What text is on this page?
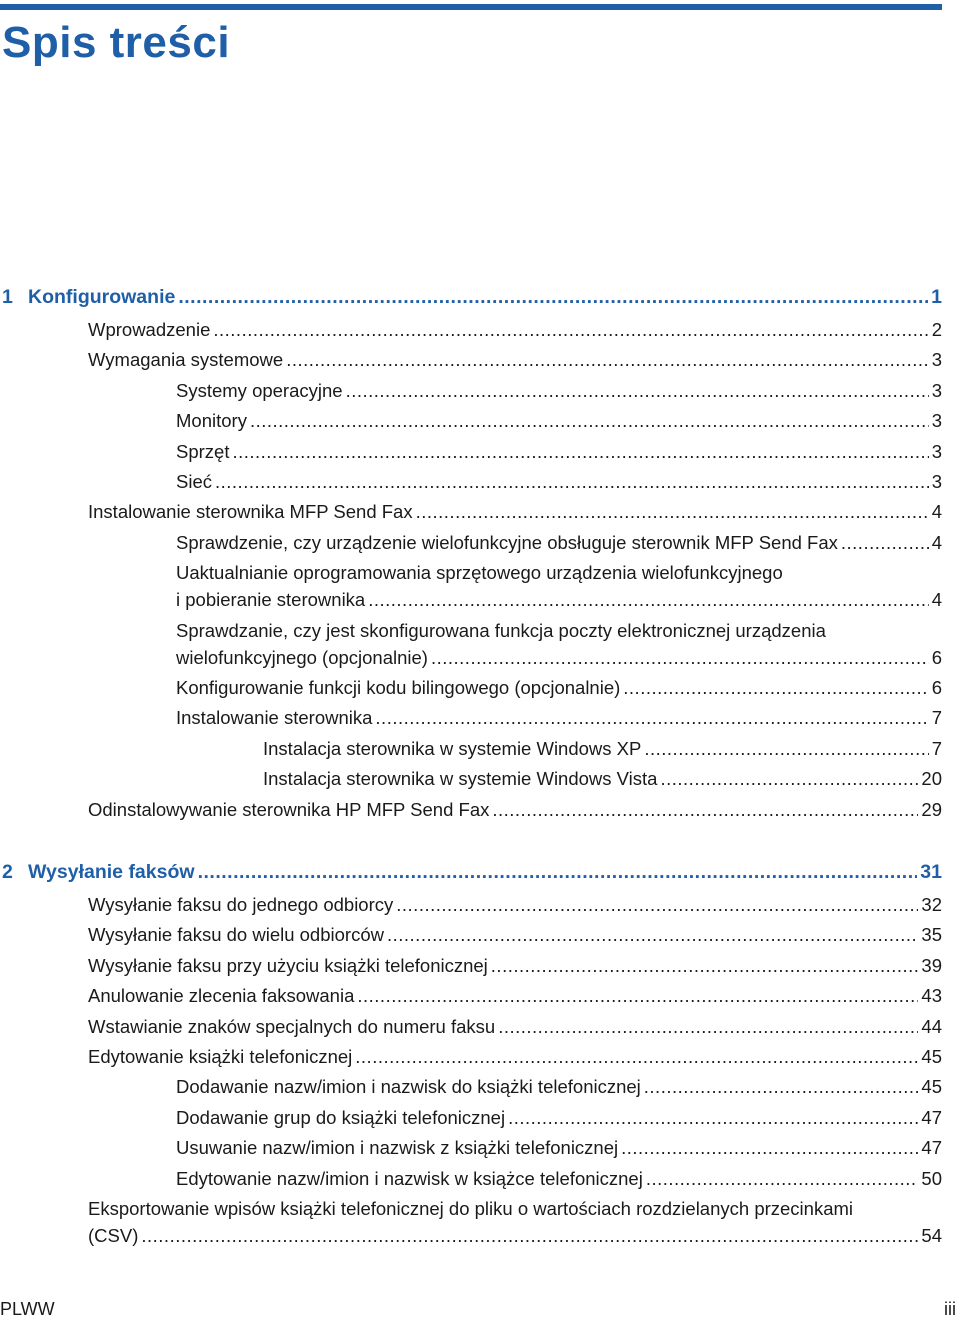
Spis treści
1 Konfigurowanie .....	1
Wprowadzenie .....	2
Wymagania systemowe .....	3
Systemy operacyjne .....	3
Monitory .....	3
Sprzęt .....	3
Sieć .....	3
Instalowanie sterownika MFP Send Fax .....	4
Sprawdzenie, czy urządzenie wielofunkcyjne obsługuje sterownik MFP Send Fax .....	4
Uaktualnianie oprogramowania sprzętowego urządzenia wielofunkcyjnego
i pobieranie sterownika .....	4
Sprawdzanie, czy jest skonfigurowana funkcja poczty elektronicznej urządzenia
wielofunkcyjnego (opcjonalnie) .....	6
Konfigurowanie funkcji kodu bilingowego (opcjonalnie) .....	6
Instalowanie sterownika .....	7
Instalacja sterownika w systemie Windows XP .....	7
Instalacja sterownika w systemie Windows Vista .....	20
Odinstalowywanie sterownika HP MFP Send Fax .....	29
2 Wysyłanie faksów .....	31
Wysyłanie faksu do jednego odbiorcy .....	32
Wysyłanie faksu do wielu odbiorców .....	35
Wysyłanie faksu przy użyciu książki telefonicznej .....	39
Anulowanie zlecenia faksowania .....	43
Wstawianie znaków specjalnych do numeru faksu .....	44
Edytowanie książki telefonicznej .....	45
Dodawanie nazw/imion i nazwisk do książki telefonicznej .....	45
Dodawanie grup do książki telefonicznej .....	47
Usuwanie nazw/imion i nazwisk z książki telefonicznej .....	47
Edytowanie nazw/imion i nazwisk w książce telefonicznej .....	50
Eksportowanie wpisów książki telefonicznej do pliku o wartościach rozdzielanych przecinkami
(CSV) .....	54
PLWW	iii
